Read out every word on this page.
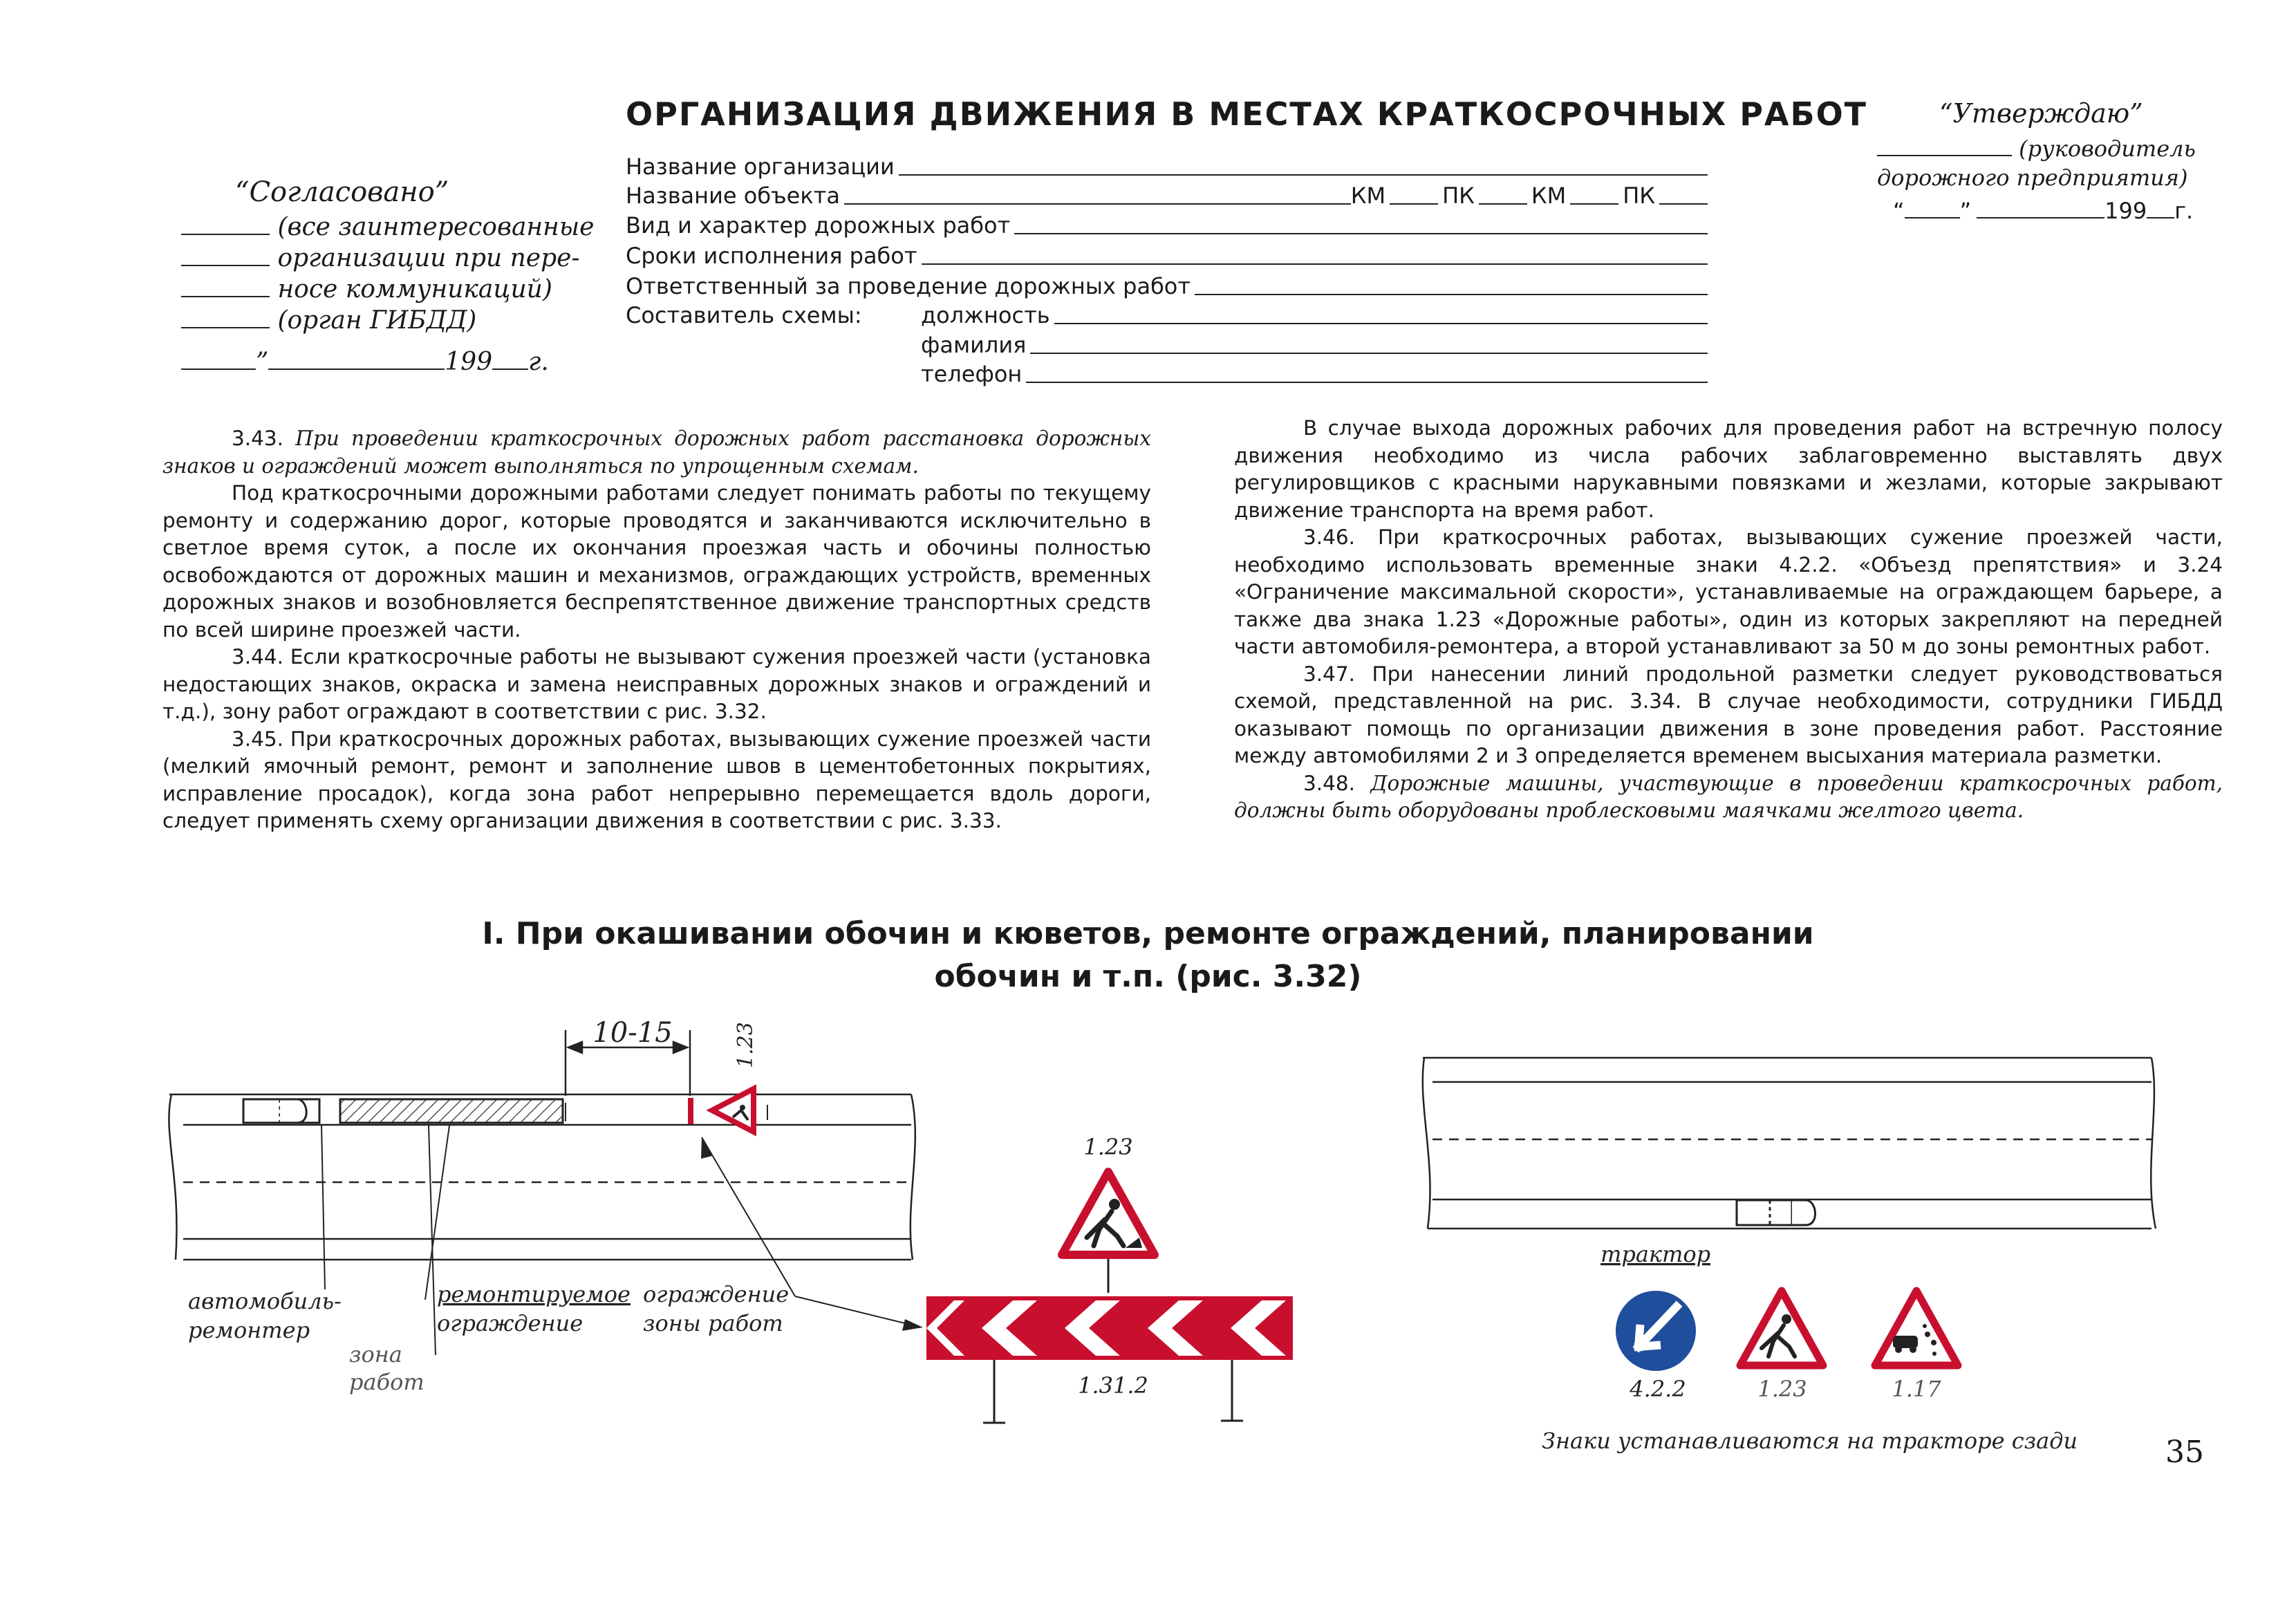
ОРГАНИЗАЦИЯ ДВИЖЕНИЯ В МЕСТАХ КРАТКОСРОЧНЫХ РАБОТ	“Утверждаю”
(руководитель
дорожного предприятия)
“	”	199 г.
“Согласовано”
(все заинтересованные
организации при пере-
носе коммуникаций)
(орган ГИБДД)
”	199 г.
Название организации
Название объекта	КМ	ПК	КМ	ПК
Вид и характер дорожных работ
Сроки исполнения работ
Ответственный за проведение дорожных работ
Составитель схемы:	должность
фамилия
телефон

3.43. При проведении краткосрочных дорожных работ расстановка дорожных знаков и ограждений может выполняться по упрощенным схемам.

Под краткосрочными дорожными работами следует понимать работы по текущему ремонту и содержанию дорог, которые проводятся и заканчиваются исключительно в светлое время суток, а после их окончания проезжая часть и обочины полностью освобождаются от дорожных машин и механизмов, ограждающих устройств, временных дорожных знаков и возобновляется беспрепятственное движение транспортных средств по всей ширине проезжей части.

3.44. Если краткосрочные работы не вызывают сужения проезжей части (установка недостающих знаков, окраска и замена неисправных дорожных знаков и ограждений и т.д.), зону работ ограждают в соответствии с рис. 3.32.

3.45. При краткосрочных дорожных работах, вызывающих сужение проезжей части (мелкий ямочный ремонт, ремонт и заполнение швов в цементобетонных покрытиях, исправление просадок), когда зона работ непрерывно перемещается вдоль дороги, следует применять схему организации движения в соответствии с рис. 3.33.

В случае выхода дорожных рабочих для проведения работ на встречную полосу движения необходимо из числа рабочих заблаговременно выставлять двух регулировщиков с красными нарукавными повязками и жезлами, которые закрывают движение транспорта на время работ.

3.46. При краткосрочных работах, вызывающих сужение проезжей части, необходимо использовать временные знаки 4.2.2. «Объезд препятствия» и 3.24 «Ограничение максимальной скорости», устанавливаемые на ограждающем барьере, а также два знака 1.23 «Дорожные работы», один из которых закрепляют на передней части автомобиля-ремонтера, а второй устанавливают за 50 м до зоны ремонтных работ.

3.47. При нанесении линий продольной разметки следует руководствоваться схемой, представленной на рис. 3.34. В случае необходимости, сотрудники ГИБДД оказывают помощь по организации движения в зоне проведения работ. Расстояние между автомобилями 2 и 3 определяется временем высыхания материала разметки.

3.48. Дорожные машины, участвующие в проведении краткосрочных работ, должны быть оборудованы проблесковыми маячками желтого цвета.

I. При окашивании обочин и кюветов, ремонте ограждений, планировании
обочин и т.п. (рис. 3.32)
10-15	1.23
автомобиль-
ремонтер
зона
работ
ремонтируемое
ограждение
ограждение
зоны работ
1.23
1.31.2
трактор
4.2.2	1.23	1.17
Знаки устанавливаются на тракторе сзади	35
